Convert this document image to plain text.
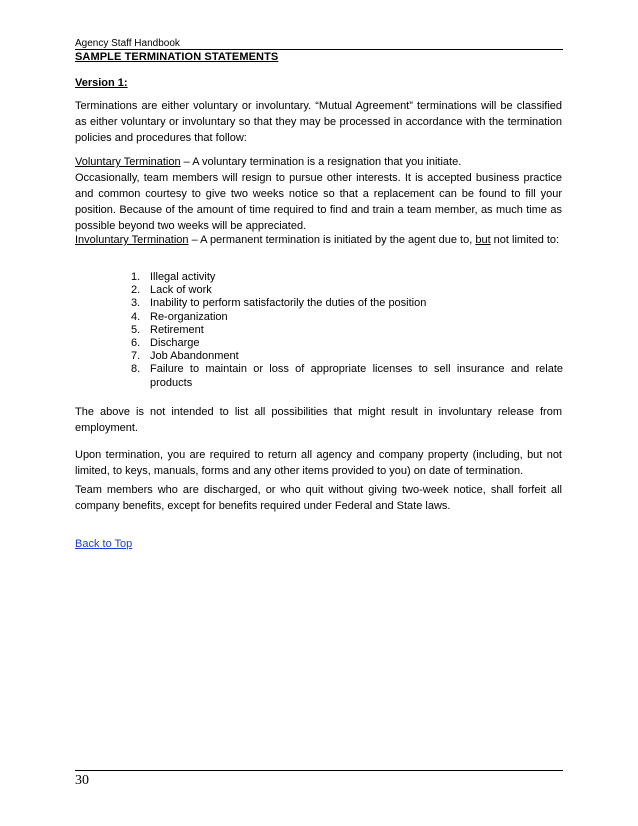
Agency Staff Handbook
SAMPLE TERMINATION STATEMENTS
Version 1:
Terminations are either voluntary or involuntary. “Mutual Agreement” terminations will be classified as either voluntary or involuntary so that they may be processed in accordance with the termination policies and procedures that follow:
Voluntary Termination – A voluntary termination is a resignation that you initiate.
Occasionally, team members will resign to pursue other interests. It is accepted business practice and common courtesy to give two weeks notice so that a replacement can be found to fill your position. Because of the amount of time required to find and train a team member, as much time as possible beyond two weeks will be appreciated.
Involuntary Termination – A permanent termination is initiated by the agent due to, but not limited to:
1. Illegal activity
2. Lack of work
3. Inability to perform satisfactorily the duties of the position
4. Re-organization
5. Retirement
6. Discharge
7. Job Abandonment
8. Failure to maintain or loss of appropriate licenses to sell insurance and relate products
The above is not intended to list all possibilities that might result in involuntary release from employment.
Upon termination, you are required to return all agency and company property (including, but not limited, to keys, manuals, forms and any other items provided to you) on date of termination.
Team members who are discharged, or who quit without giving two-week notice, shall forfeit all company benefits, except for benefits required under Federal and State laws.
Back to Top
30
